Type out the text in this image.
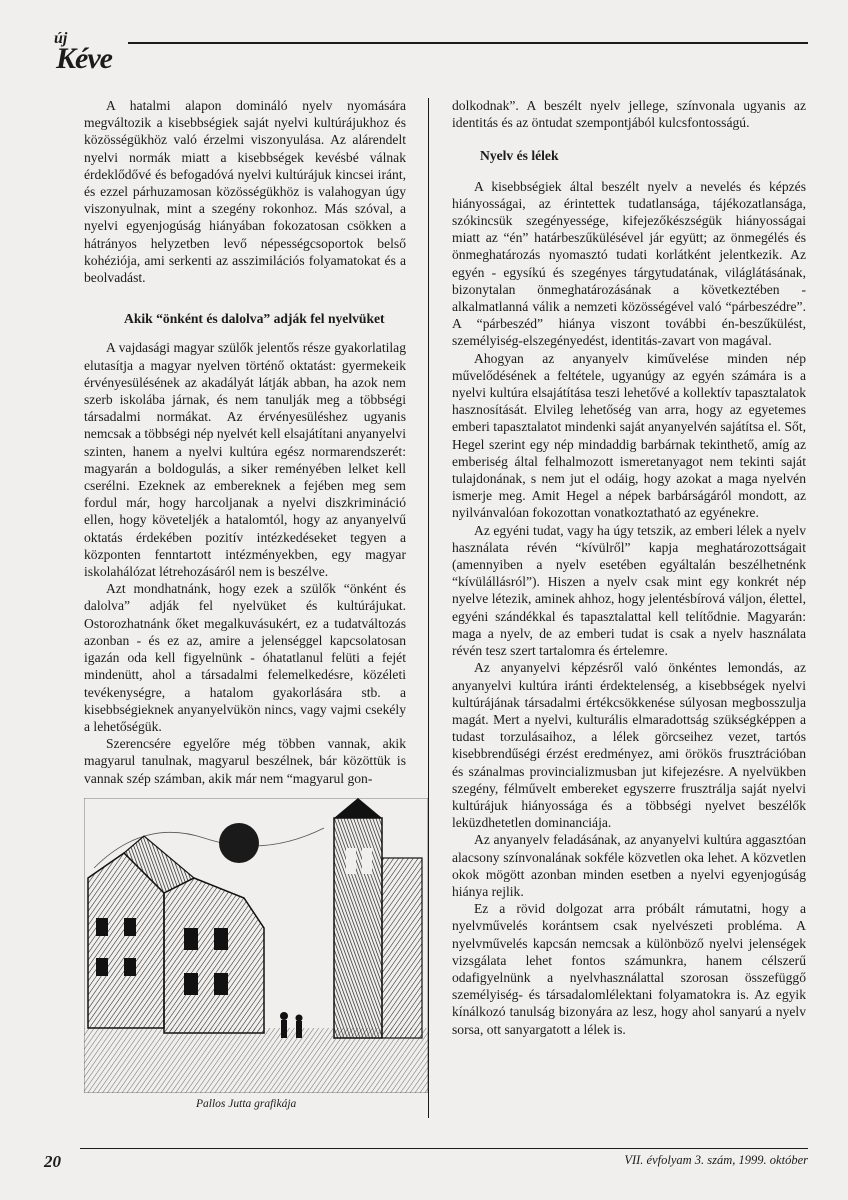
új
Kéve

A hatalmi alapon domináló nyelv nyomására megváltozik a kisebbségiek saját nyelvi kultúrájukhoz és közösségükhöz való érzelmi viszonyulása. Az alárendelt nyelvi normák miatt a kisebbségek kevésbé válnak érdeklődővé és befogadóvá nyelvi kultúrájuk kincsei iránt, és ezzel párhuzamosan közösségükhöz is valahogyan úgy viszonyulnak, mint a szegény rokonhoz. Más szóval, a nyelvi egyenjogúság hiányában fokozatosan csökken a hátrányos helyzetben levő népességcsoportok belső kohéziója, ami serkenti az asszimilációs folyamatokat és a beolvadást.

Akik “önként és dalolva” adják fel nyelvüket

A vajdasági magyar szülők jelentős része gyakorlatilag elutasítja a magyar nyelven történő oktatást: gyermekeik érvényesülésének az akadályát látják abban, ha azok nem szerb iskolába járnak, és nem tanulják meg a többségi társadalmi normákat. Az érvényesüléshez ugyanis nemcsak a többségi nép nyelvét kell elsajátítani anyanyelvi szinten, hanem a nyelvi kultúra egész normarendszerét: magyarán a boldogulás, a siker reményében lelket kell cserélni. Ezeknek az embereknek a fejében meg sem fordul már, hogy harcoljanak a nyelvi diszkrimináció ellen, hogy követeljék a hatalomtól, hogy az anyanyelvű oktatás érdekében pozitív intézkedéseket tegyen a központen fenntartott intézményekben, egy magyar iskolahálózat létrehozásáról nem is beszélve.

Azt mondhatnánk, hogy ezek a szülők “önként és dalolva” adják fel nyelvüket és kultúrájukat. Ostorozhatnánk őket megalkuvásukért, ez a tudatváltozás azonban - és ez az, amire a jelenséggel kapcsolatosan igazán oda kell figyelnünk - óhatatlanul felüti a fejét mindenütt, ahol a társadalmi felemelkedésre, közéleti tevékenységre, a hatalom gyakorlására stb. a kisebbségieknek anyanyelvükön nincs, vagy vajmi csekély a lehetőségük.

Szerencsére egyelőre még többen vannak, akik magyarul tanulnak, magyarul beszélnek, bár közöttük is vannak szép számban, akik már nem “magyarul gon-

dolkodnak”. A beszélt nyelv jellege, színvonala ugyanis az identitás és az öntudat szempontjából kulcsfontosságú.

Nyelv és lélek

A kisebbségiek által beszélt nyelv a nevelés és képzés hiányosságai, az érintettek tudatlansága, tájékozatlansága, szókincsük szegényessége, kifejezőkészségük hiányosságai miatt az “én” határbeszűkülésével jár együtt; az önmegélés és önmeghatározás nyomasztó tudati korlátként jelentkezik. Az egyén - egysíkú és szegényes tárgytudatának, világlátásának, bizonytalan önmeghatározásának a következtében - alkalmatlanná válik a nemzeti közösségével való “párbeszédre”. A “párbeszéd” hiánya viszont további én-beszűkülést, személyiség-elszegényedést, identitás-zavart von magával.

Ahogyan az anyanyelv kiművelése minden nép művelődésének a feltétele, ugyanúgy az egyén számára is a nyelvi kultúra elsajátítása teszi lehetővé a kollektív tapasztalatok hasznosítását. Elvileg lehetőség van arra, hogy az egyetemes emberi tapasztalatot mindenki saját anyanyelvén sajátítsa el. Sőt, Hegel szerint egy nép mindaddig barbárnak tekinthető, amíg az emberiség által felhalmozott ismeretanyagot nem tekinti saját tulajdonának, s nem jut el odáig, hogy azokat a maga nyelvén ismerje meg. Amit Hegel a népek barbárságáról mondott, az nyilvánvalóan fokozottan vonatkoztatható az egyénekre.

Az egyéni tudat, vagy ha úgy tetszik, az emberi lélek a nyelv használata révén “kívülről” kapja meghatározottságait (amennyiben a nyelv esetében egyáltalán beszélhetnénk “kívülállásról”). Hiszen a nyelv csak mint egy konkrét nép nyelve létezik, aminek ahhoz, hogy jelentésbírová váljon, élettel, egyéni szándékkal és tapasztalattal kell telítődnie. Magyarán: maga a nyelv, de az emberi tudat is csak a nyelv használata révén tesz szert tartalomra és értelemre.

Az anyanyelvi képzésről való önkéntes lemondás, az anyanyelvi kultúra iránti érdektelenség, a kisebbségek nyelvi kultúrájának társadalmi értékcsökkenése súlyosan megbosszulja magát. Mert a nyelvi, kulturális elmaradottság szükségképpen a tudast torzulásaihoz, a lélek görcseihez vezet, tartós kisebbrendűségi érzést eredményez, ami örökös frusztrációban és szánalmas provincializmusban jut kifejezésre. A nyelvükben szegény, félművelt embereket egyszerre frusztrálja saját nyelvi kultúrájuk hiányossága és a többségi nyelvet beszélők leküzdhetetlen dominanciája.

Az anyanyelv feladásának, az anyanyelvi kultúra aggasztóan alacsony színvonalának sokféle közvetlen oka lehet. A közvetlen okok mögött azonban minden esetben a nyelvi egyenjogúság hiánya rejlik.

Ez a rövid dolgozat arra próbált rámutatni, hogy a nyelvművelés korántsem csak nyelvészeti probléma. A nyelvművelés kapcsán nemcsak a különböző nyelvi jelenségek vizsgálata lehet fontos számunkra, hanem célszerű odafigyelnünk a nyelvhasználattal szorosan összefüggő személyiség- és társadalomlélektani folyamatokra is. Az egyik kínálkozó tanulság bizonyára az lesz, hogy ahol sanyarú a nyelv sorsa, ott sanyargatott a lélek is.

Pallos Jutta grafikája
20	VII. évfolyam 3. szám, 1999. október
